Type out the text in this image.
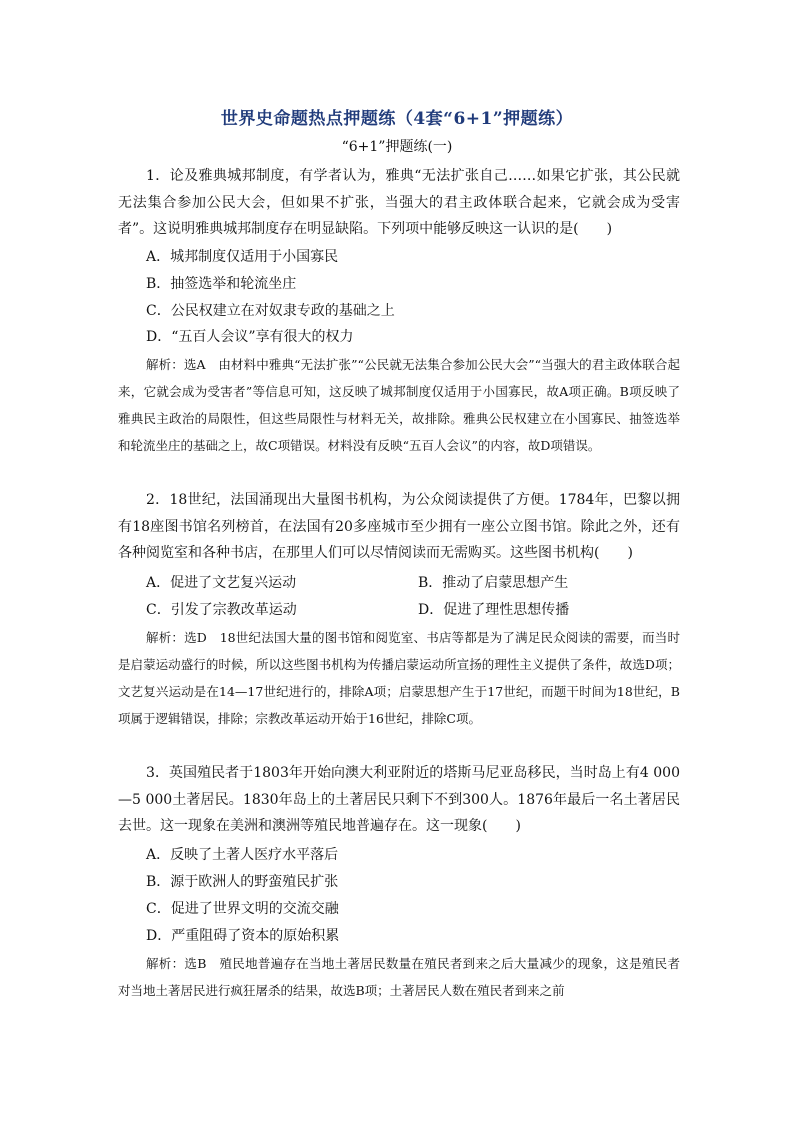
世界史命题热点押题练（4套“6+1”押题练）
“6+1”押题练(一)
1．论及雅典城邦制度，有学者认为，雅典“无法扩张自己……如果它扩张，其公民就无法集合参加公民大会，但如果不扩张，当强大的君主政体联合起来，它就会成为受害者”。这说明雅典城邦制度存在明显缺陷。下列项中能够反映这一认识的是(　　)
A．城邦制度仅适用于小国寡民
B．抽签选举和轮流坐庄
C．公民权建立在对奴隶专政的基础之上
D．“五百人会议”享有很大的权力
解析：选A　由材料中雅典“无法扩张”“公民就无法集合参加公民大会”“当强大的君主政体联合起来，它就会成为受害者”等信息可知，这反映了城邦制度仅适用于小国寡民，故A项正确。B项反映了雅典民主政治的局限性，但这些局限性与材料无关，故排除。雅典公民权建立在小国寡民、抽签选举和轮流坐庄的基础之上，故C项错误。材料没有反映“五百人会议”的内容，故D项错误。
2．18世纪，法国涌现出大量图书机构，为公众阅读提供了方便。1784年，巴黎以拥有18座图书馆名列榜首，在法国有20多座城市至少拥有一座公立图书馆。除此之外，还有各种阅览室和各种书店，在那里人们可以尽情阅读而无需购买。这些图书机构(　　)
A．促进了文艺复兴运动	B．推动了启蒙思想产生
C．引发了宗教改革运动	D．促进了理性思想传播
解析：选D　18世纪法国大量的图书馆和阅览室、书店等都是为了满足民众阅读的需要，而当时是启蒙运动盛行的时候，所以这些图书机构为传播启蒙运动所宣扬的理性主义提供了条件，故选D项；文艺复兴运动是在14—17世纪进行的，排除A项；启蒙思想产生于17世纪，而题干时间为18世纪，B项属于逻辑错误，排除；宗教改革运动开始于16世纪，排除C项。
3．英国殖民者于1803年开始向澳大利亚附近的塔斯马尼亚岛移民，当时岛上有4 000—5 000土著居民。1830年岛上的土著居民只剩下不到300人。1876年最后一名土著居民去世。这一现象在美洲和澳洲等殖民地普遍存在。这一现象(　　)
A．反映了土著人医疗水平落后
B．源于欧洲人的野蛮殖民扩张
C．促进了世界文明的交流交融
D．严重阻碍了资本的原始积累
解析：选B　殖民地普遍存在当地土著居民数量在殖民者到来之后大量减少的现象，这是殖民者对当地土著居民进行疯狂屠杀的结果，故选B项；土著居民人数在殖民者到来之前
